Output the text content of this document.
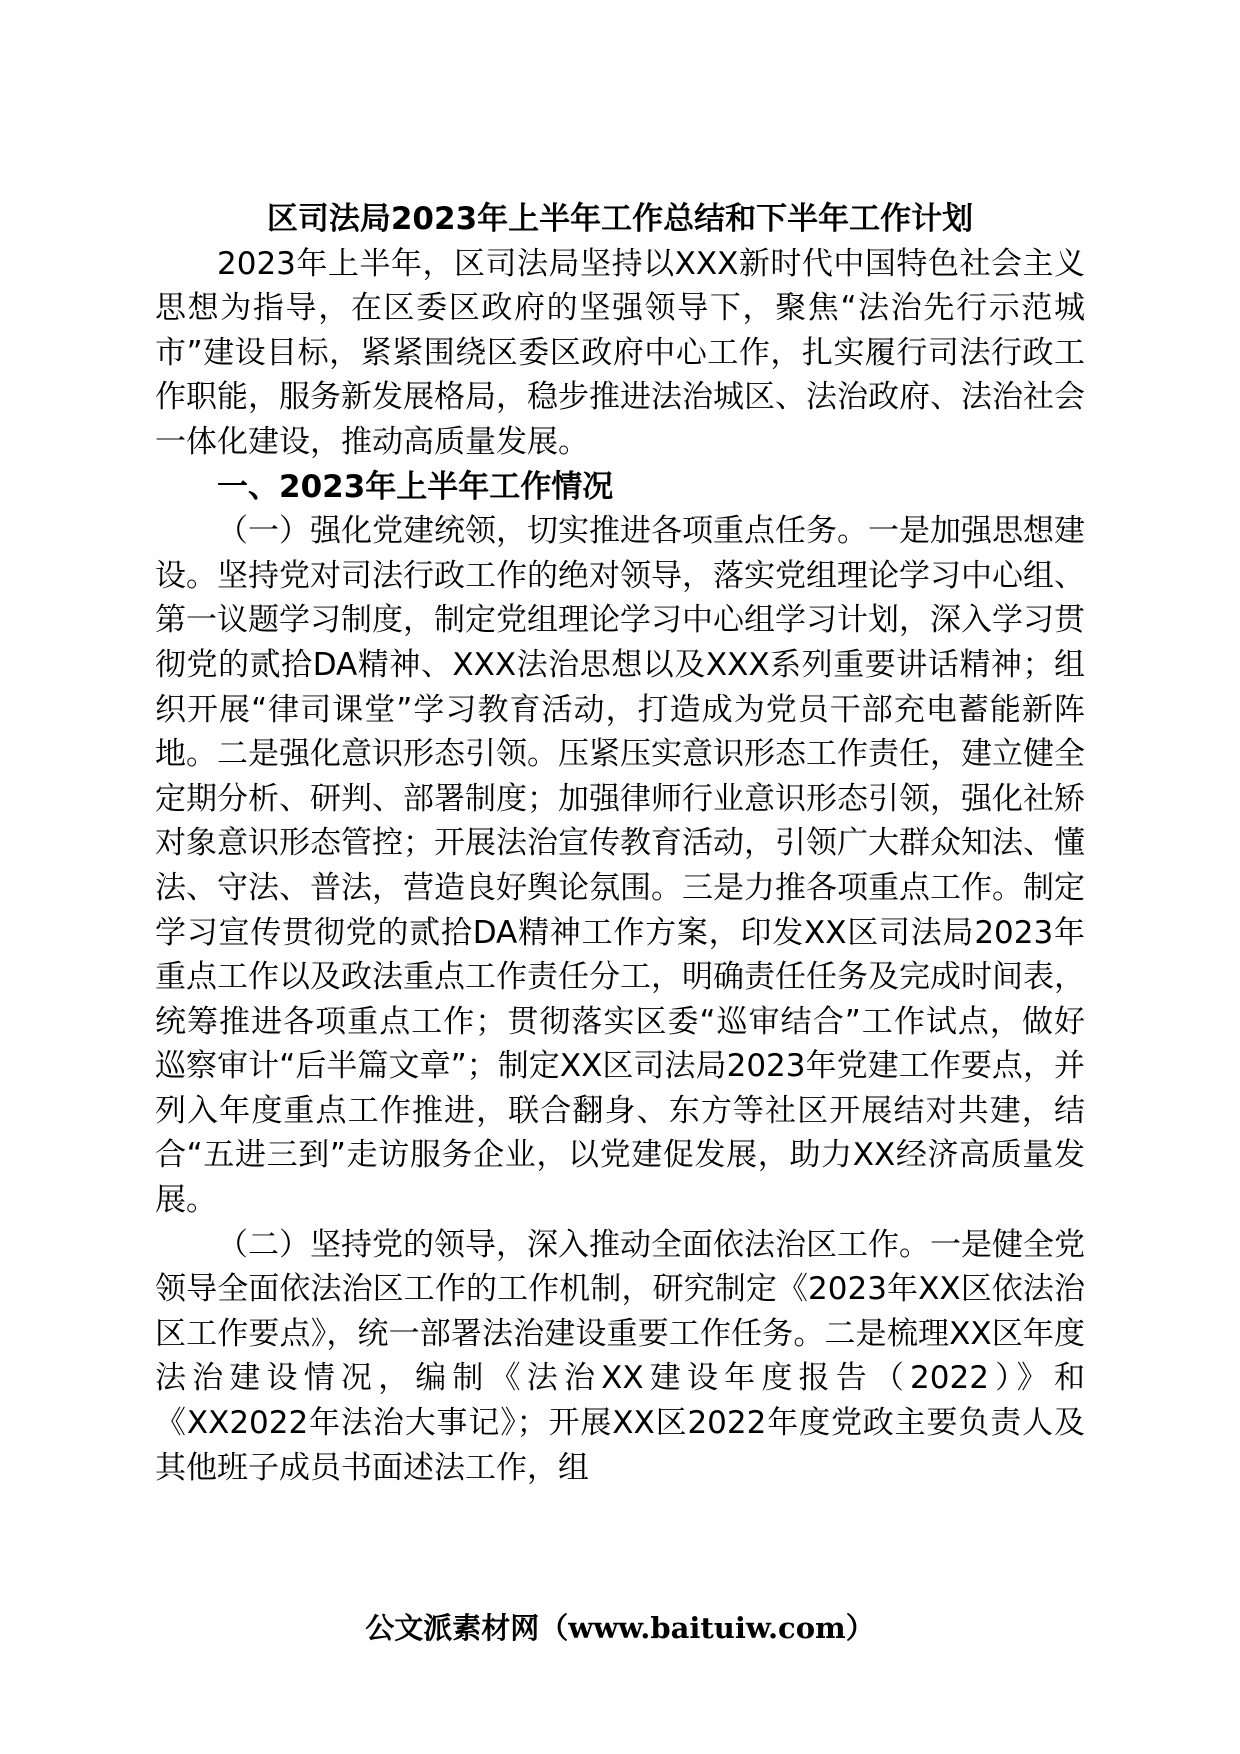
区司法局2023年上半年工作总结和下半年工作计划

2023年上半年，区司法局坚持以XXX新时代中国特色社会主义思想为指导，在区委区政府的坚强领导下，聚焦“法治先行示范城市”建设目标，紧紧围绕区委区政府中心工作，扎实履行司法行政工作职能，服务新发展格局，稳步推进法治城区、法治政府、法治社会一体化建设，推动高质量发展。

一、2023年上半年工作情况

（一）强化党建统领，切实推进各项重点任务。一是加强思想建设。坚持党对司法行政工作的绝对领导，落实党组理论学习中心组、第一议题学习制度，制定党组理论学习中心组学习计划，深入学习贯彻党的贰拾DA精神、XXX法治思想以及XXX系列重要讲话精神；组织开展“律司课堂”学习教育活动，打造成为党员干部充电蓄能新阵地。二是强化意识形态引领。压紧压实意识形态工作责任，建立健全定期分析、研判、部署制度；加强律师行业意识形态引领，强化社矫对象意识形态管控；开展法治宣传教育活动，引领广大群众知法、懂法、守法、普法，营造良好舆论氛围。三是力推各项重点工作。制定学习宣传贯彻党的贰拾DA精神工作方案，印发XX区司法局2023年重点工作以及政法重点工作责任分工，明确责任任务及完成时间表，统筹推进各项重点工作；贯彻落实区委“巡审结合”工作试点，做好巡察审计“后半篇文章”；制定XX区司法局2023年党建工作要点，并列入年度重点工作推进，联合翻身、东方等社区开展结对共建，结合“五进三到”走访服务企业，以党建促发展，助力XX经济高质量发展。

（二）坚持党的领导，深入推动全面依法治区工作。一是健全党领导全面依法治区工作的工作机制，研究制定《2023年XX区依法治区工作要点》，统一部署法治建设重要工作任务。二是梳理XX区年度法治建设情况，编制《法治XX建设年度报告（2022）》和《XX2022年法治大事记》；开展XX区2022年度党政主要负责人及其他班子成员书面述法工作，组

公文派素材网（www.baituiw.com）
